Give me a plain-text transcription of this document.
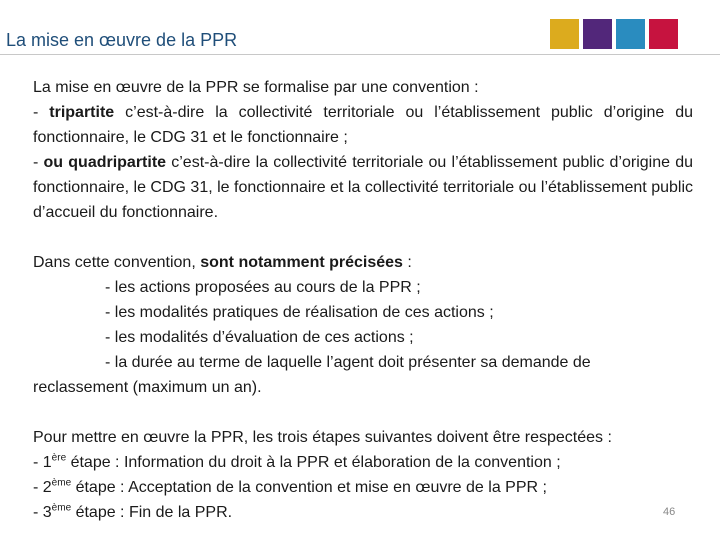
La mise en œuvre de la PPR

La mise en œuvre de la PPR se formalise par une convention :

- tripartite c’est-à-dire la collectivité territoriale ou l’établissement public d’origine du fonctionnaire, le CDG 31 et le fonctionnaire ;

- ou quadripartite c’est-à-dire la collectivité territoriale ou l’établissement public d’origine du fonctionnaire, le CDG 31, le fonctionnaire et la collectivité territoriale ou l’établissement public d’accueil du fonctionnaire.

Dans cette convention, sont notamment précisées :

- les actions proposées au cours de la PPR ;

- les modalités pratiques de réalisation de ces actions ;

- les modalités d’évaluation de ces actions ;

- la durée au terme de laquelle l’agent doit présenter sa demande de

reclassement (maximum un an).

Pour mettre en œuvre la PPR, les trois étapes suivantes doivent être respectées :

- 1ère étape : Information du droit à la PPR et élaboration de la convention ;

- 2ème étape : Acceptation de la convention et mise en œuvre de la PPR ;

- 3ème étape : Fin de la PPR.	46
